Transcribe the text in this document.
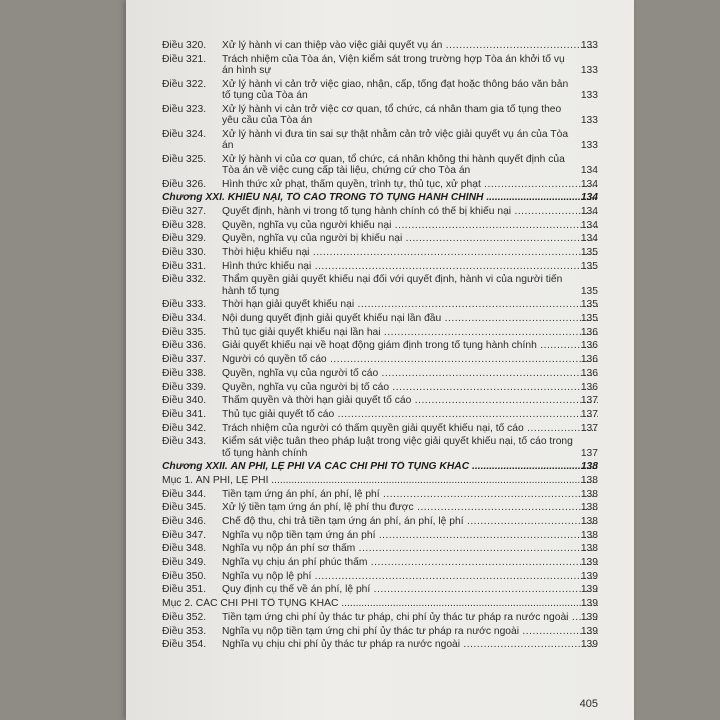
Điều 320.	Xử lý hành vi can thiệp vào việc giải quyết vụ án .....	133
Điều 321.	Trách nhiệm của Tòa án, Viện kiểm sát trong trường hợp Tòa án khởi tố vụ án hình sự	133
Điều 322.	Xử lý hành vi cản trở việc giao, nhận, cấp, tống đạt hoặc thông báo văn bản tố tụng của Tòa án	133
Điều 323.	Xử lý hành vi cản trở việc cơ quan, tổ chức, cá nhân tham gia tố tụng theo yêu cầu của Tòa án	133
Điều 324.	Xử lý hành vi đưa tin sai sự thật nhằm cản trở việc giải quyết vụ án của Tòa án	133
Điều 325.	Xử lý hành vi của cơ quan, tổ chức, cá nhân không thi hành quyết định của Tòa án về việc cung cấp tài liệu, chứng cứ cho Tòa án	134
Điều 326.	Hình thức xử phạt, thẩm quyền, trình tự, thủ tục, xử phạt .....	134
Chương XXI. KHIẾU NẠI, TỐ CÁO TRONG TỐ TỤNG HÀNH CHÍNH .....	134
Điều 327.	Quyết định, hành vi trong tố tụng hành chính có thể bị khiếu nại .....	134
Điều 328.	Quyền, nghĩa vụ của người khiếu nại .....	134
Điều 329.	Quyền, nghĩa vụ của người bị khiếu nại .....	134
Điều 330.	Thời hiệu khiếu nại .....	135
Điều 331.	Hình thức khiếu nại .....	135
Điều 332.	Thẩm quyền giải quyết khiếu nại đối với quyết định, hành vi của người tiến hành tố tụng	135
Điều 333.	Thời hạn giải quyết khiếu nại .....	135
Điều 334.	Nội dung quyết định giải quyết khiếu nại lần đầu .....	135
Điều 335.	Thủ tục giải quyết khiếu nại lần hai .....	136
Điều 336.	Giải quyết khiếu nại về hoạt động giám định trong tố tụng hành chính .....	136
Điều 337.	Người có quyền tố cáo .....	136
Điều 338.	Quyền, nghĩa vụ của người tố cáo .....	136
Điều 339.	Quyền, nghĩa vụ của người bị tố cáo .....	136
Điều 340.	Thẩm quyền và thời hạn giải quyết tố cáo .....	137
Điều 341.	Thủ tục giải quyết tố cáo .....	137
Điều 342.	Trách nhiệm của người có thẩm quyền giải quyết khiếu nại, tố cáo .....	137
Điều 343.	Kiểm sát việc tuân theo pháp luật trong việc giải quyết khiếu nại, tố cáo trong tố tụng hành chính	137
Chương XXII. ÁN PHÍ, LỆ PHÍ VÀ CÁC CHI PHÍ TỐ TỤNG KHÁC .....	138
Mục 1. ÁN PHÍ, LỆ PHÍ .....	138
Điều 344.	Tiền tạm ứng án phí, án phí, lệ phí .....	138
Điều 345.	Xử lý tiền tạm ứng án phí, lệ phí thu được .....	138
Điều 346.	Chế độ thu, chi trả tiền tạm ứng án phí, án phí, lệ phí .....	138
Điều 347.	Nghĩa vụ nộp tiền tạm ứng án phí .....	138
Điều 348.	Nghĩa vụ nộp án phí sơ thẩm .....	138
Điều 349.	Nghĩa vụ chịu án phí phúc thẩm .....	139
Điều 350.	Nghĩa vụ nộp lệ phí .....	139
Điều 351.	Quy định cụ thể về án phí, lệ phí .....	139
Mục 2. CÁC CHI PHÍ TỐ TỤNG KHÁC .....	139
Điều 352.	Tiền tạm ứng chi phí ủy thác tư pháp, chi phí ủy thác tư pháp ra nước ngoài .....	139
Điều 353.	Nghĩa vụ nộp tiền tạm ứng chi phí ủy thác tư pháp ra nước ngoài .....	139
Điều 354.	Nghĩa vụ chịu chi phí ủy thác tư pháp ra nước ngoài .....	139
405
